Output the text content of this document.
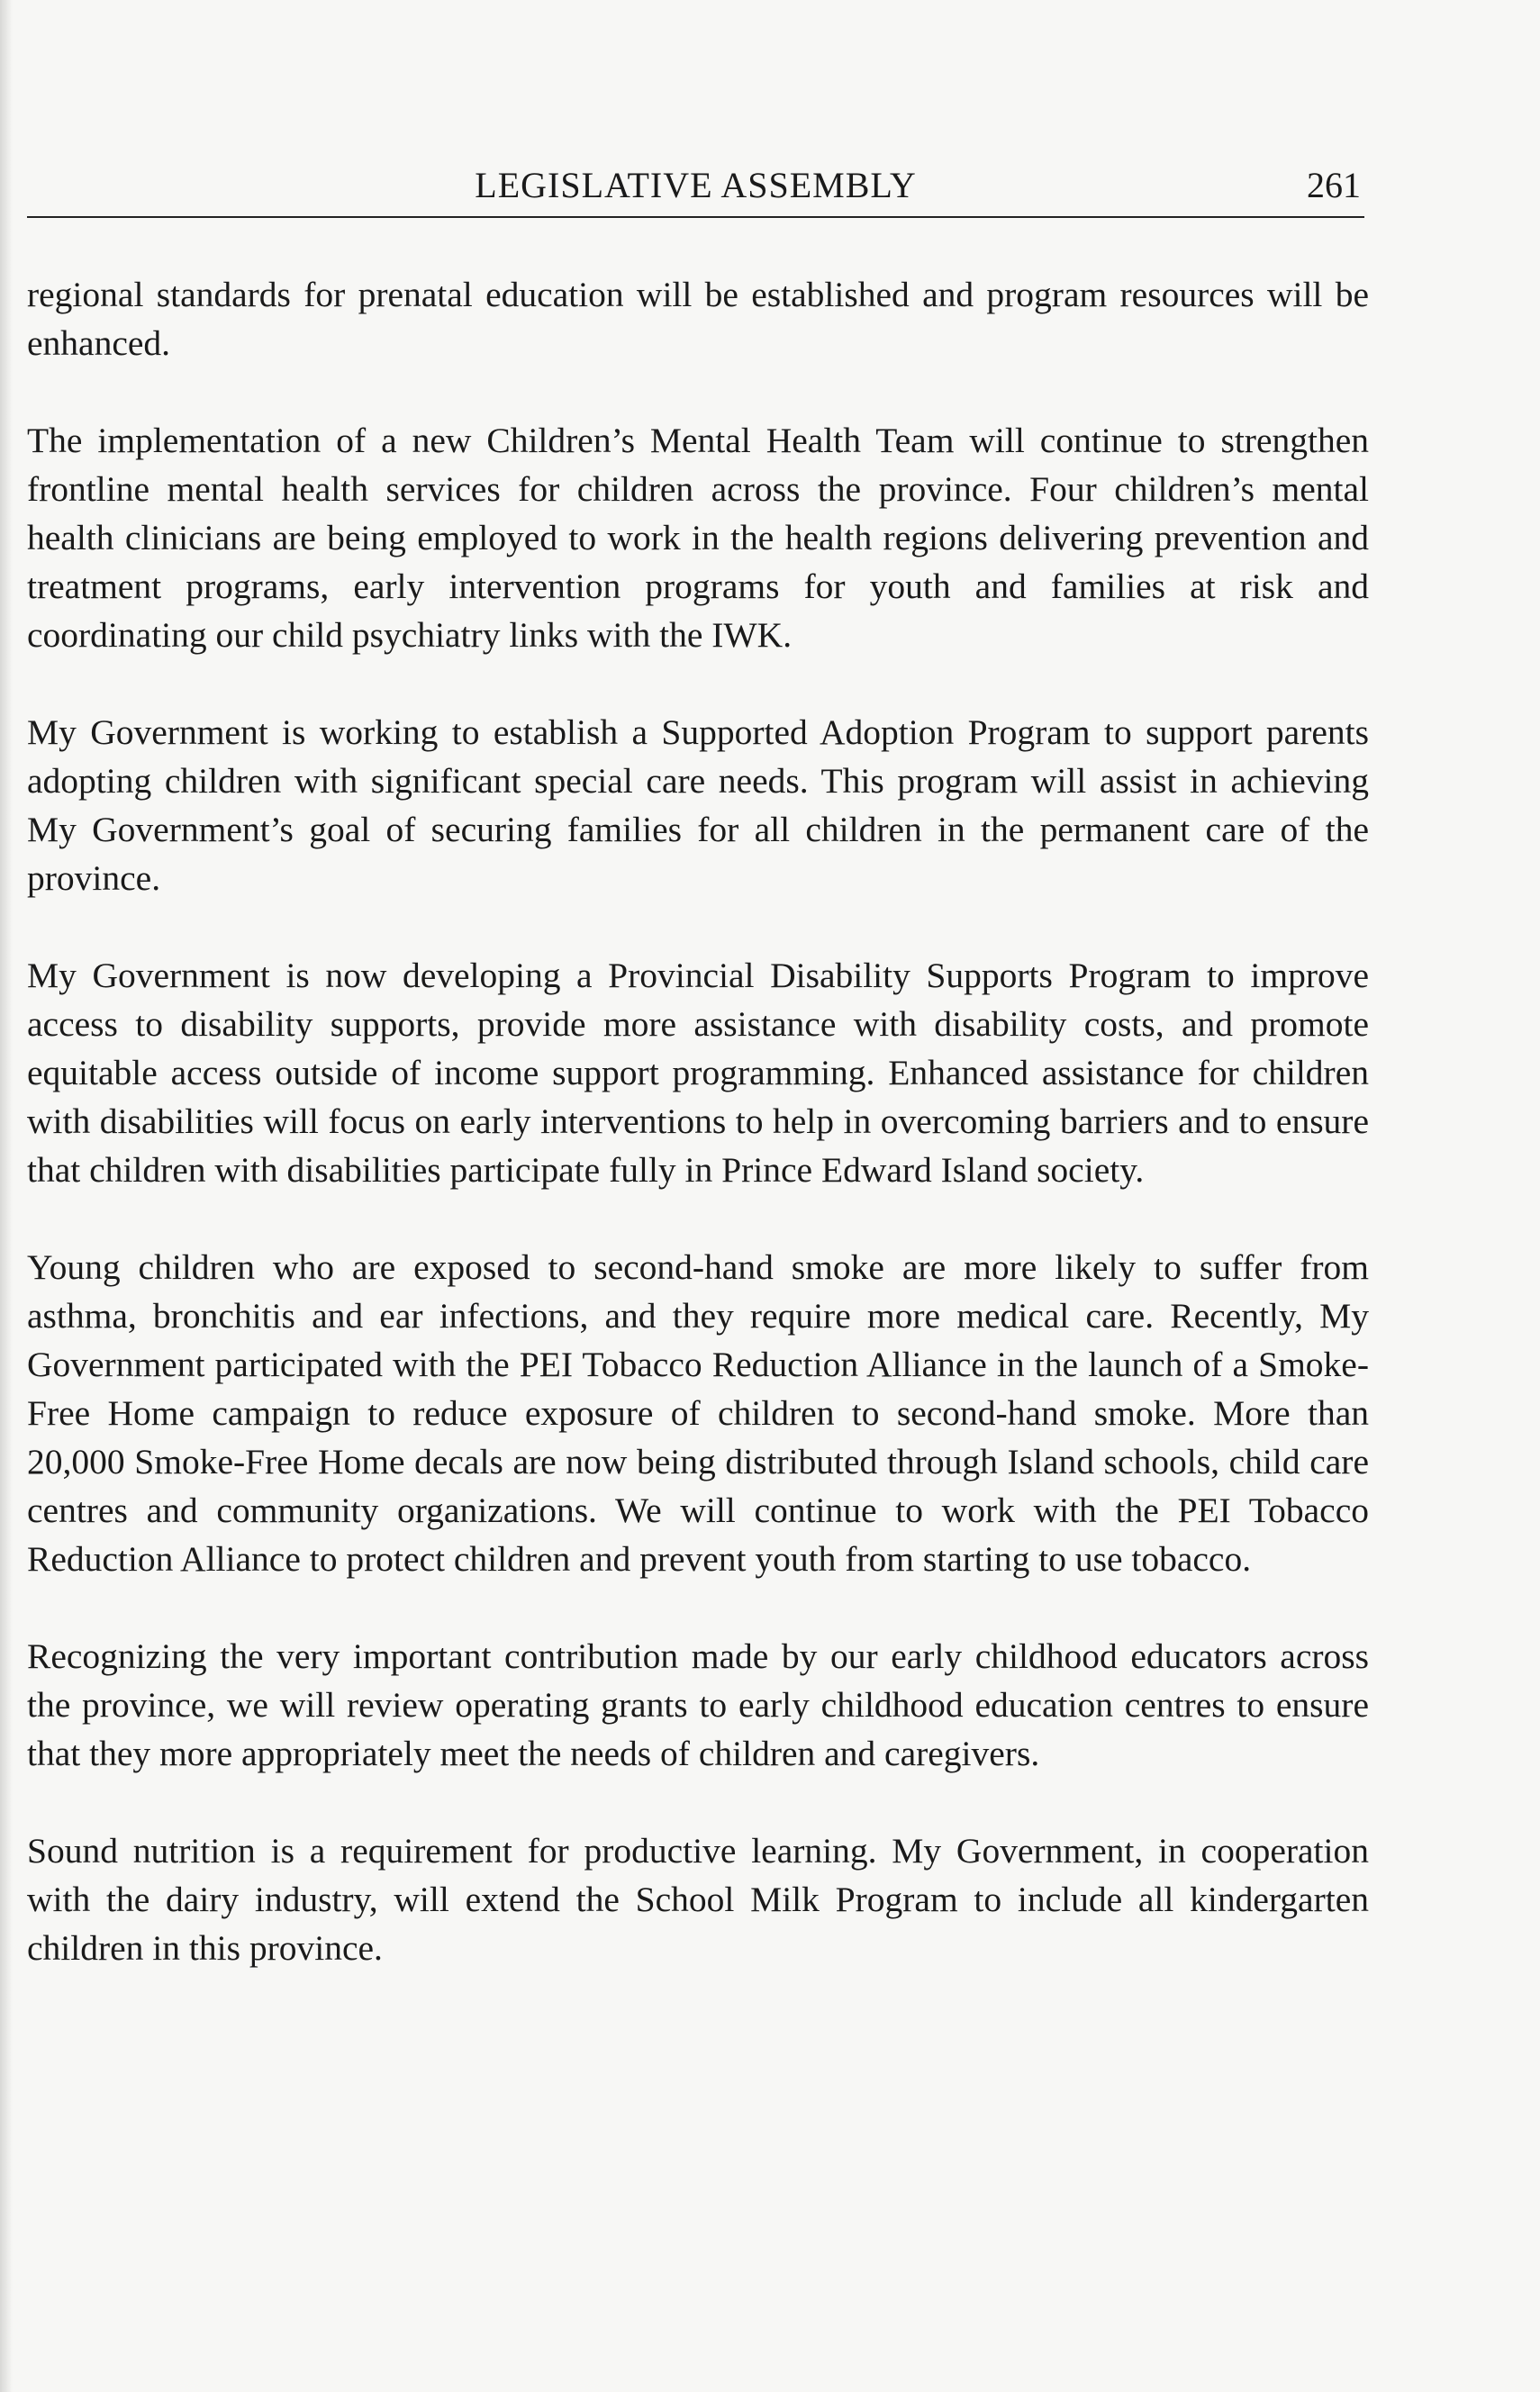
LEGISLATIVE ASSEMBLY	261

regional standards for prenatal education will be established and program resources will be enhanced.

The implementation of a new Children’s Mental Health Team will continue to strengthen frontline mental health services for children across the province. Four children’s mental health clinicians are being employed to work in the health regions delivering prevention and treatment programs, early intervention programs for youth and families at risk and coordinating our child psychiatry links with the IWK.

My Government is working to establish a Supported Adoption Program to support parents adopting children with significant special care needs. This program will assist in achieving My Government’s goal of securing families for all children in the permanent care of the province.

My Government is now developing a Provincial Disability Supports Program to improve access to disability supports, provide more assistance with disability costs, and promote equitable access outside of income support programming. Enhanced assistance for children with disabilities will focus on early interventions to help in overcoming barriers and to ensure that children with disabilities participate fully in Prince Edward Island society.

Young children who are exposed to second-hand smoke are more likely to suffer from asthma, bronchitis and ear infections, and they require more medical care. Recently, My Government participated with the PEI Tobacco Reduction Alliance in the launch of a Smoke-Free Home campaign to reduce exposure of children to second-hand smoke. More than 20,000 Smoke-Free Home decals are now being distributed through Island schools, child care centres and community organizations. We will continue to work with the PEI Tobacco Reduction Alliance to protect children and prevent youth from starting to use tobacco.

Recognizing the very important contribution made by our early childhood educators across the province, we will review operating grants to early childhood education centres to ensure that they more appropriately meet the needs of children and caregivers.

Sound nutrition is a requirement for productive learning. My Government, in cooperation with the dairy industry, will extend the School Milk Program to include all kindergarten children in this province.
